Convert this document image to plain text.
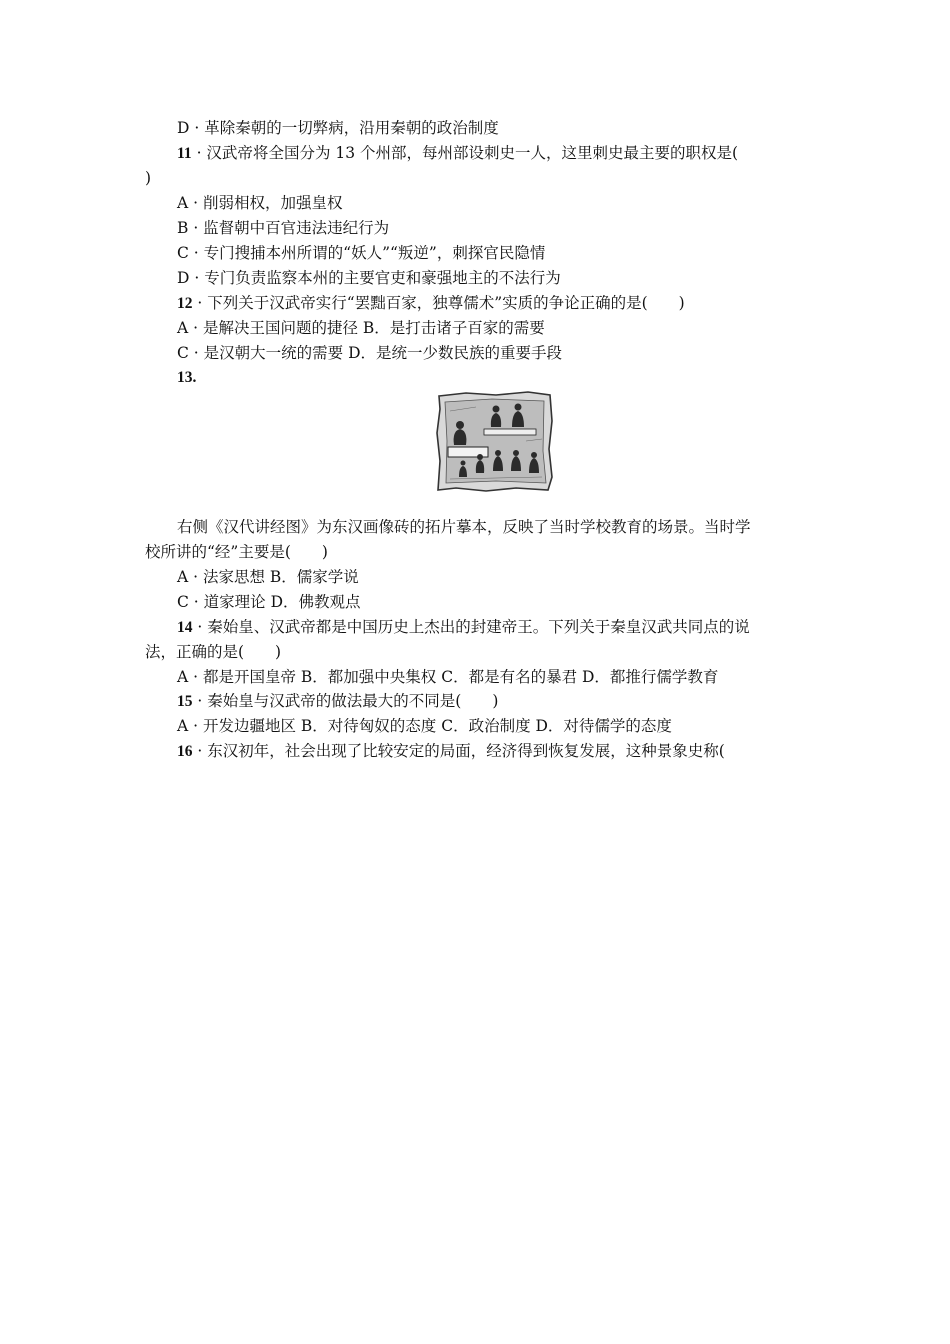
D · 革除秦朝的一切弊病，沿用秦朝的政治制度
11 · 汉武帝将全国分为 13 个州部，每州部设刺史一人，这里刺史最主要的职权是(
)
A · 削弱相权，加强皇权
B · 监督朝中百官违法违纪行为
C · 专门搜捕本州所谓的“妖人”“叛逆”，刺探官民隐情
D · 专门负责监察本州的主要官吏和豪强地主的不法行为
12 · 下列关于汉武帝实行“罢黜百家，独尊儒术”实质的争论正确的是(　　)
A · 是解决王国问题的捷径 B．是打击诸子百家的需要
C · 是汉朝大一统的需要 D．是统一少数民族的重要手段
13.
右侧《汉代讲经图》为东汉画像砖的拓片摹本，反映了当时学校教育的场景。当时学
校所讲的“经”主要是(　　)
A · 法家思想 B．儒家学说
C · 道家理论 D．佛教观点
14 · 秦始皇、汉武帝都是中国历史上杰出的封建帝王。下列关于秦皇汉武共同点的说
法，正确的是(　　)
A · 都是开国皇帝 B．都加强中央集权 C．都是有名的暴君 D．都推行儒学教育
15 · 秦始皇与汉武帝的做法最大的不同是(　　)
A · 开发边疆地区 B．对待匈奴的态度 C．政治制度 D．对待儒学的态度
16 · 东汉初年，社会出现了比较安定的局面，经济得到恢复发展，这种景象史称(
